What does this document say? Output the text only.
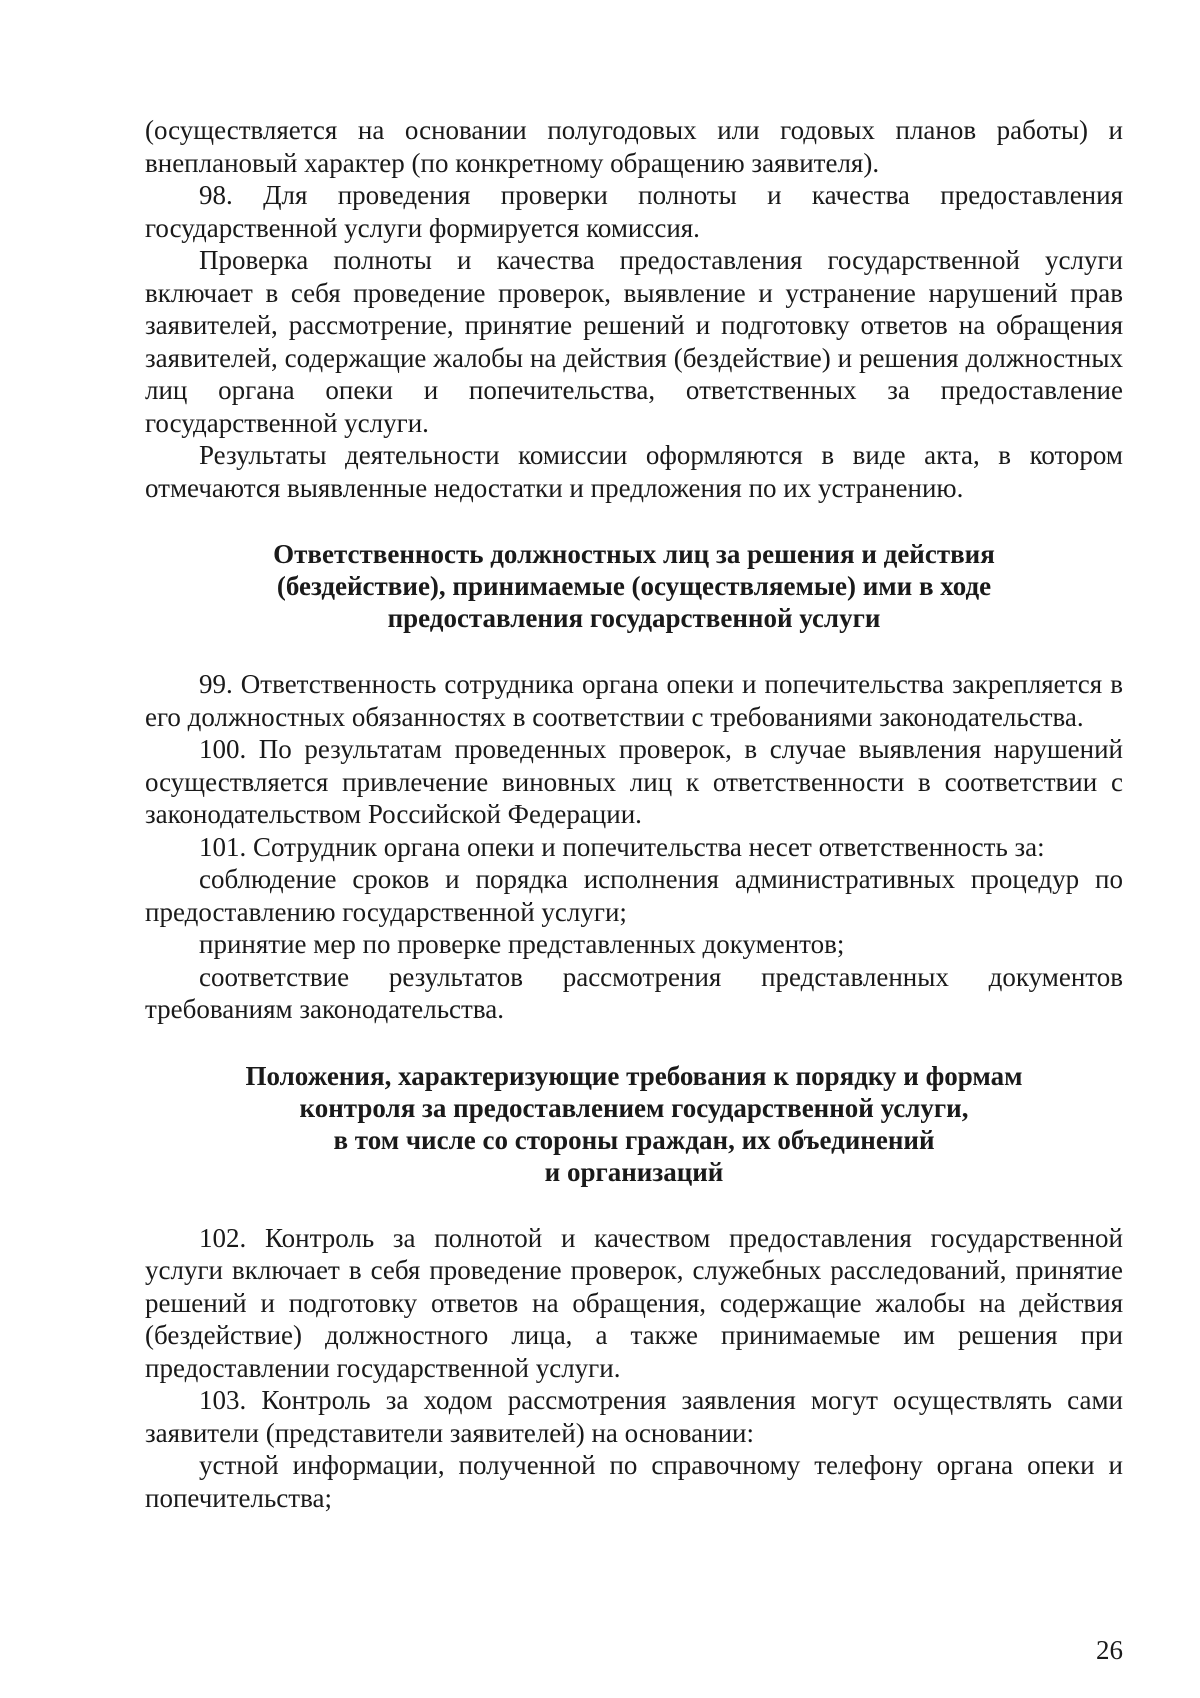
(осуществляется на основании полугодовых или годовых планов работы) и внеплановый характер (по конкретному обращению заявителя).

98. Для проведения проверки полноты и качества предоставления государственной услуги формируется комиссия.

Проверка полноты и качества предоставления государственной услуги включает в себя проведение проверок, выявление и устранение нарушений прав заявителей, рассмотрение, принятие решений и подготовку ответов на обращения заявителей, содержащие жалобы на действия (бездействие) и решения должностных лиц органа опеки и попечительства, ответственных за предоставление государственной услуги.

Результаты деятельности комиссии оформляются в виде акта, в котором отмечаются выявленные недостатки и предложения по их устранению.

Ответственность должностных лиц за решения и действия
(бездействие), принимаемые (осуществляемые) ими в ходе
предоставления государственной услуги

99. Ответственность сотрудника органа опеки и попечительства закрепляется в его должностных обязанностях в соответствии с требованиями законодательства.

100. По результатам проведенных проверок, в случае выявления нарушений осуществляется привлечение виновных лиц к ответственности в соответствии с законодательством Российской Федерации.

101. Сотрудник органа опеки и попечительства несет ответственность за:

соблюдение сроков и порядка исполнения административных процедур по предоставлению государственной услуги;

принятие мер по проверке представленных документов;

соответствие результатов рассмотрения представленных документов требованиям законодательства.

Положения, характеризующие требования к порядку и формам
контроля за предоставлением государственной услуги,
в том числе со стороны граждан, их объединений
и организаций

102. Контроль за полнотой и качеством предоставления государственной услуги включает в себя проведение проверок, служебных расследований, принятие решений и подготовку ответов на обращения, содержащие жалобы на действия (бездействие) должностного лица, а также принимаемые им решения при предоставлении государственной услуги.

103. Контроль за ходом рассмотрения заявления могут осуществлять сами заявители (представители заявителей) на основании:

устной информации, полученной по справочному телефону органа опеки и попечительства;

26
